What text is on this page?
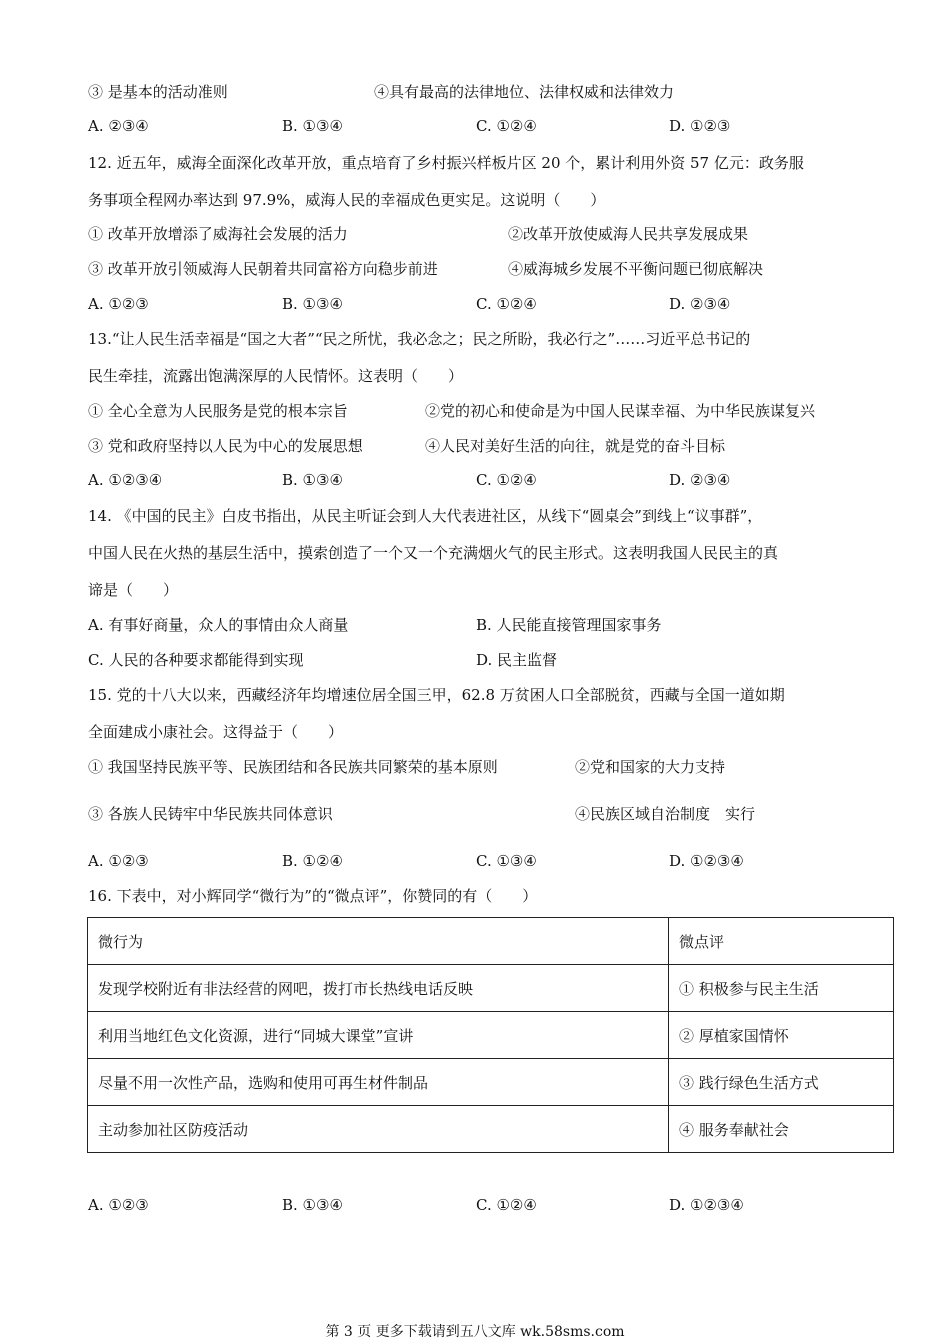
③ 是基本的活动准则	④具有最高的法律地位、法律权威和法律效力
A. ②③④	B. ①③④	C. ①②④	D. ①②③
12. 近五年，威海全面深化改革开放，重点培育了乡村振兴样板片区 20 个，累计利用外资 57 亿元：政务服
务事项全程网办率达到 97.9%，威海人民的幸福成色更实足。这说明（　　）
① 改革开放增添了威海社会发展的活力	②改革开放使威海人民共享发展成果
③ 改革开放引领威海人民朝着共同富裕方向稳步前进	④威海城乡发展不平衡问题已彻底解决
A. ①②③	B. ①③④	C. ①②④	D. ②③④
13.“让人民生活幸福是“国之大者”“民之所忧，我必念之；民之所盼，我必行之”……习近平总书记的
民生牵挂，流露出饱满深厚的人民情怀。这表明（　　）
① 全心全意为人民服务是党的根本宗旨	②党的初心和使命是为中国人民谋幸福、为中华民族谋复兴
③ 党和政府坚持以人民为中心的发展思想	④人民对美好生活的向往，就是党的奋斗目标
A. ①②③④	B. ①③④	C. ①②④	D. ②③④
14. 《中国的民主》白皮书指出，从民主听证会到人大代表进社区，从线下“圆桌会”到线上“议事群”，
中国人民在火热的基层生活中，摸索创造了一个又一个充满烟火气的民主形式。这表明我国人民民主的真
谛是（　　）
A. 有事好商量，众人的事情由众人商量	B. 人民能直接管理国家事务
C. 人民的各种要求都能得到实现	D. 民主监督
15. 党的十八大以来，西藏经济年均增速位居全国三甲，62.8 万贫困人口全部脱贫，西藏与全国一道如期
全面建成小康社会。这得益于（　　）
① 我国坚持民族平等、民族团结和各民族共同繁荣的基本原则	②党和国家的大力支持
③ 各族人民铸牢中华民族共同体意识	④民族区域自治制度　实行
A. ①②③	B. ①②④	C. ①③④	D. ①②③④
16. 下表中，对小辉同学“微行为”的“微点评”，你赞同的有（　　）
微行为	微点评
发现学校附近有非法经营的网吧，拨打市长热线电话反映	① 积极参与民主生活
利用当地红色文化资源，进行“同城大课堂”宣讲	② 厚植家国情怀
尽量不用一次性产品，选购和使用可再生材件制品	③ 践行绿色生活方式
主动参加社区防疫活动	④ 服务奉献社会
A. ①②③	B. ①③④	C. ①②④	D. ①②③④
第 3 页 更多下载请到五八文库 wk.58sms.com
